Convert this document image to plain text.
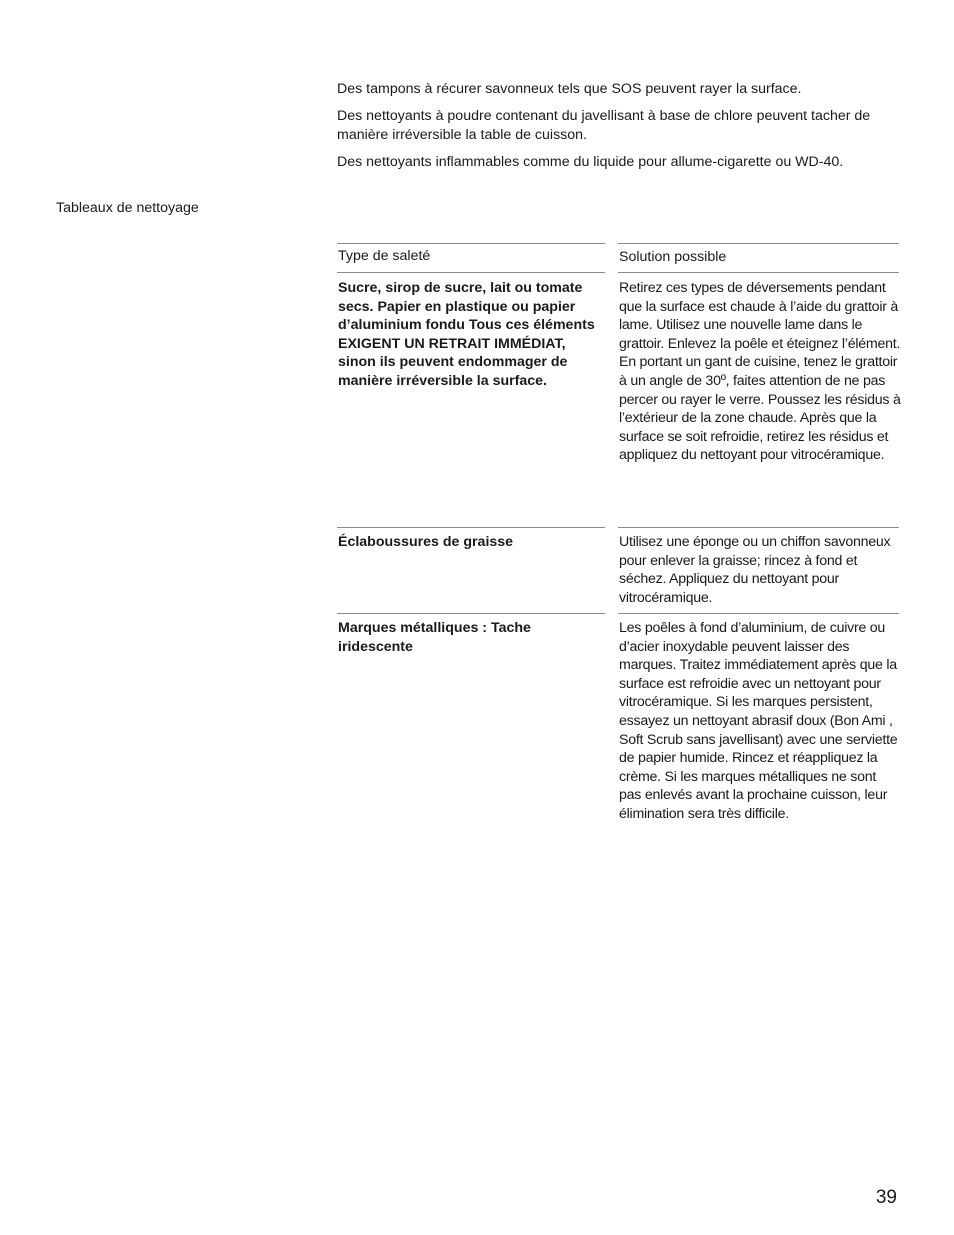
Des tampons à récurer savonneux tels que SOS peuvent rayer la surface.

Des nettoyants à poudre contenant du javellisant à base de chlore peuvent tacher de manière irréversible la table de cuisson.

Des nettoyants inflammables comme du liquide pour allume-cigarette ou WD-40.

Tableaux de nettoyage
Type de saleté	Solution possible
Sucre, sirop de sucre, lait ou tomate secs. Papier en plastique ou papier d’aluminium fondu Tous ces éléments EXIGENT UN RETRAIT IMMÉDIAT, sinon ils peuvent endommager de manière irréversible la surface.
Retirez ces types de déversements pendant que la surface est chaude à l’aide du grattoir à lame. Utilisez une nouvelle lame dans le grattoir. Enlevez la poêle et éteignez l’élément. En portant un gant de cuisine, tenez le grattoir à un angle de 30º, faites attention de ne pas percer ou rayer le verre. Poussez les résidus à l’extérieur de la zone chaude. Après que la surface se soit refroidie, retirez les résidus et appliquez du nettoyant pour vitrocéramique.
Éclaboussures de graisse	Utilisez une éponge ou un chiffon savonneux pour enlever la graisse; rincez à fond et séchez. Appliquez du nettoyant pour vitrocéramique.
Marques métalliques : Tache iridescente
Les poêles à fond d’aluminium, de cuivre ou d’acier inoxydable peuvent laisser des marques. Traitez immédiatement après que la surface est refroidie avec un nettoyant pour vitrocéramique. Si les marques persistent, essayez un nettoyant abrasif doux (Bon Ami , Soft Scrub sans javellisant) avec une serviette de papier humide. Rincez et réappliquez la crème. Si les marques métalliques ne sont pas enlevés avant la prochaine cuisson, leur élimination sera très difficile.
39
